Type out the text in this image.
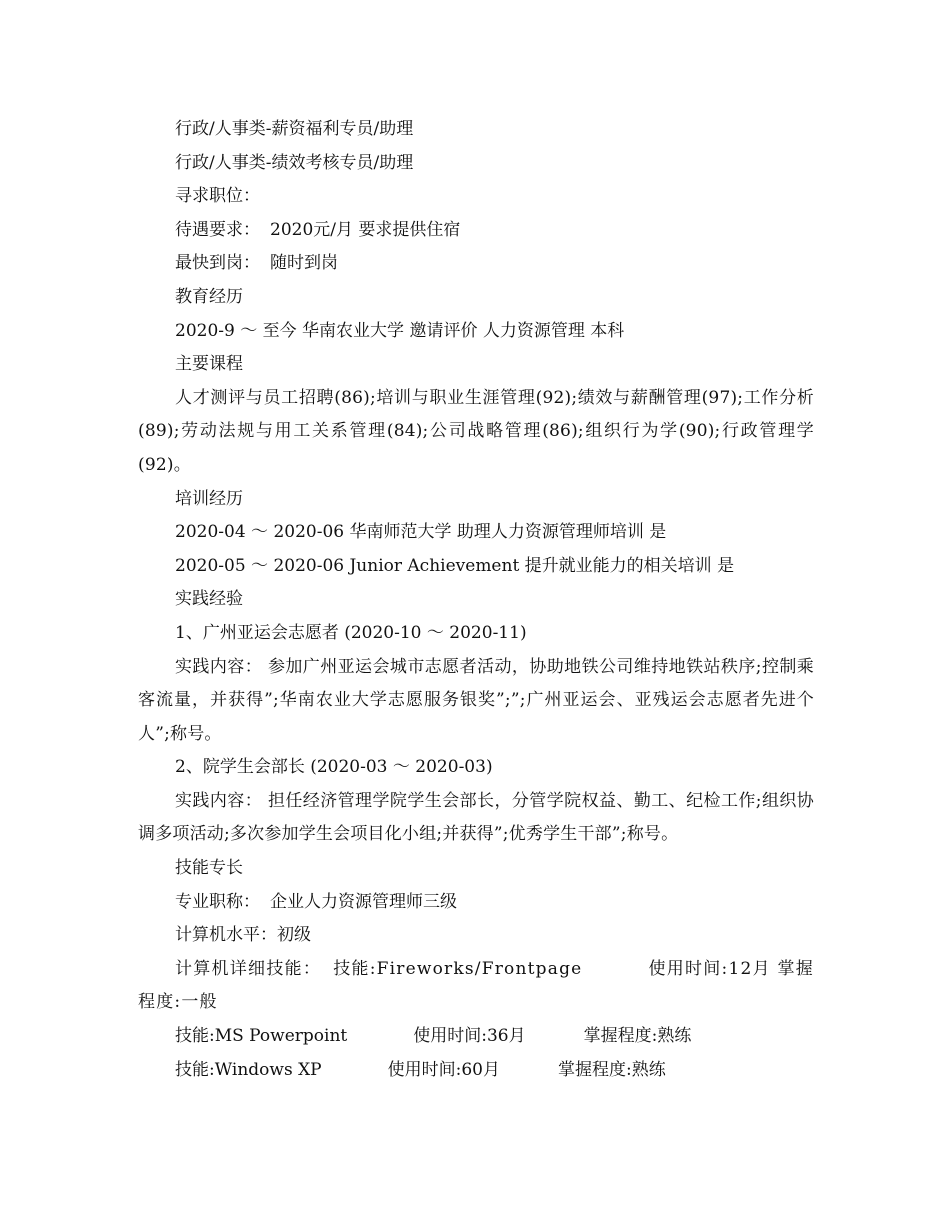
行政/人事类-薪资福利专员/助理

行政/人事类-绩效考核专员/助理

寻求职位：

待遇要求： 2020元/月 要求提供住宿

最快到岗： 随时到岗

教育经历

2020-9 ～ 至今 华南农业大学 邀请评价 人力资源管理 本科

主要课程

人才测评与员工招聘(86);培训与职业生涯管理(92);绩效与薪酬管理(97);工作分析(89);劳动法规与用工关系管理(84);公司战略管理(86);组织行为学(90);行政管理学(92)。

培训经历

2020-04 ～ 2020-06 华南师范大学 助理人力资源管理师培训 是

2020-05 ～ 2020-06 Junior Achievement 提升就业能力的相关培训 是

实践经验

1、广州亚运会志愿者 (2020-10 ～ 2020-11)

实践内容： 参加广州亚运会城市志愿者活动，协助地铁公司维持地铁站秩序;控制乘客流量，并获得”;华南农业大学志愿服务银奖”;”;广州亚运会、亚残运会志愿者先进个人”;称号。

2、院学生会部长 (2020-03 ～ 2020-03)

实践内容： 担任经济管理学院学生会部长，分管学院权益、勤工、纪检工作;组织协调多项活动;多次参加学生会项目化小组;并获得”;优秀学生干部”;称号。

技能专长

专业职称： 企业人力资源管理师三级

计算机水平：初级

计算机详细技能： 技能:Fireworks/Frontpage	使用时间:12月 掌握程度:一般

技能:MS Powerpoint	使用时间:36月	掌握程度:熟练

技能:Windows XP	使用时间:60月	掌握程度:熟练
